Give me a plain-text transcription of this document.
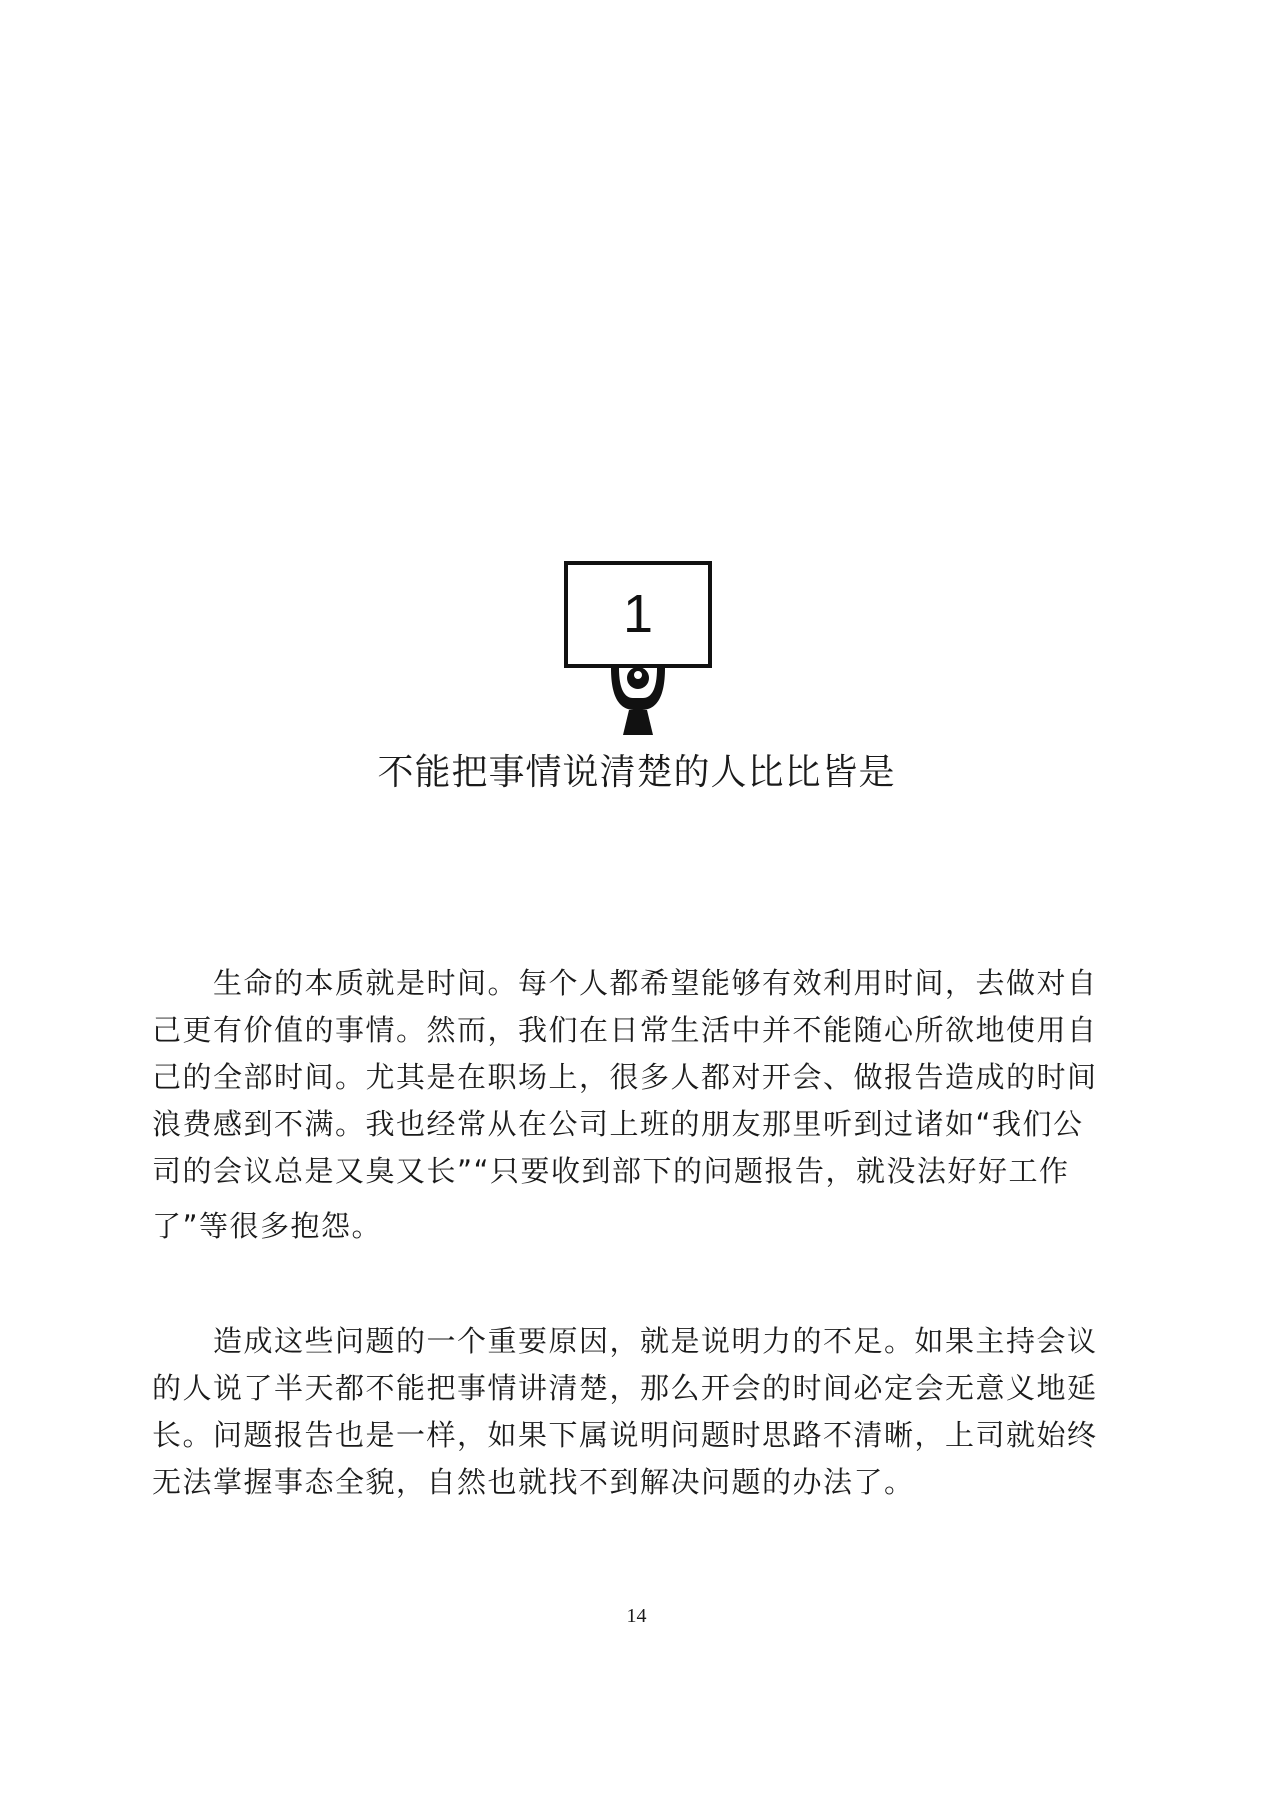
1
不能把事情说清楚的人比比皆是
　　生命的本质就是时间。每个人都希望能够有效利用时间，去做对自
己更有价值的事情。然而，我们在日常生活中并不能随心所欲地使用自
己的全部时间。尤其是在职场上，很多人都对开会、做报告造成的时间
浪费感到不满。我也经常从在公司上班的朋友那里听到过诸如“我们公
司的会议总是又臭又长”“只要收到部下的问题报告，就没法好好工作
了”等很多抱怨。
　　造成这些问题的一个重要原因，就是说明力的不足。如果主持会议
的人说了半天都不能把事情讲清楚，那么开会的时间必定会无意义地延
长。问题报告也是一样，如果下属说明问题时思路不清晰，上司就始终
无法掌握事态全貌，自然也就找不到解决问题的办法了。
14
